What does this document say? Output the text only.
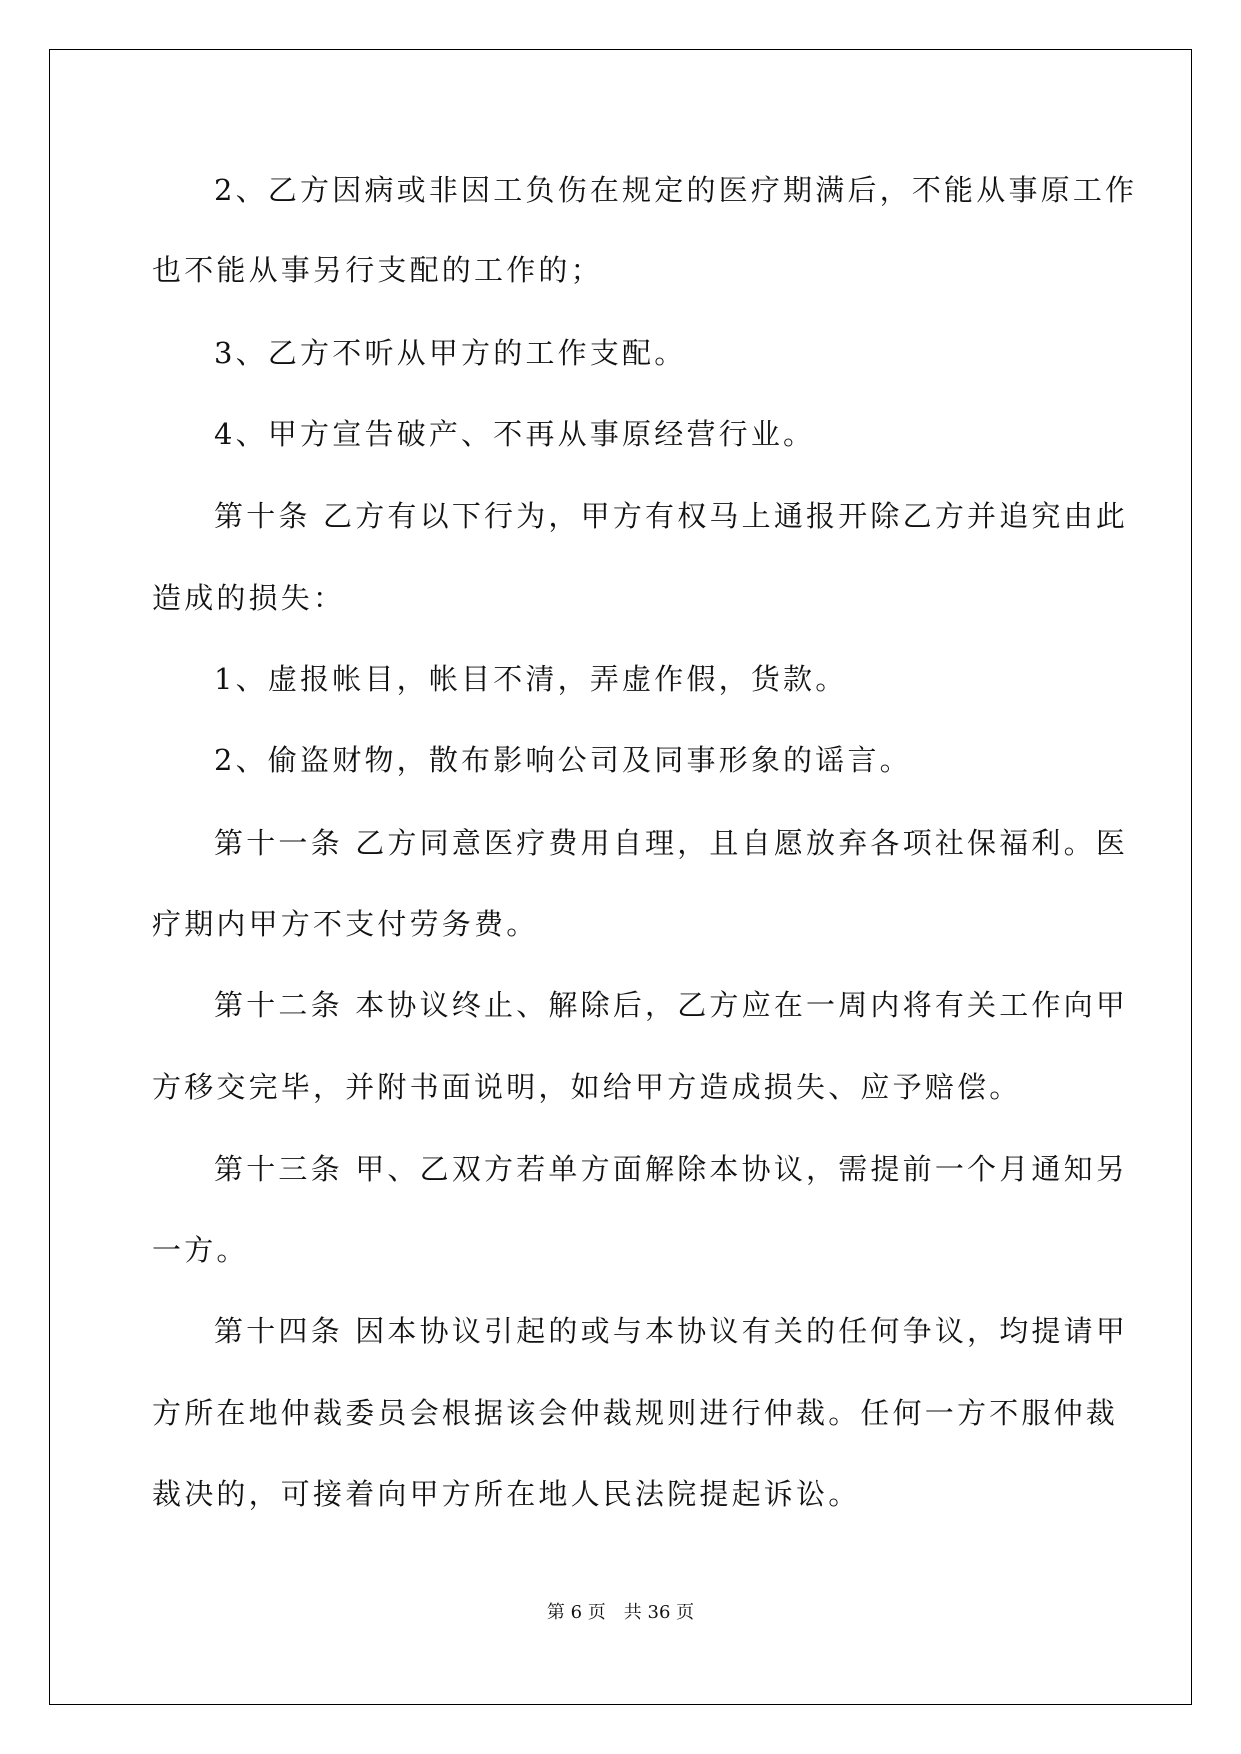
2、乙方因病或非因工负伤在规定的医疗期满后，不能从事原工作

也不能从事另行支配的工作的；

3、乙方不听从甲方的工作支配。

4、甲方宣告破产、不再从事原经营行业。

第十条 乙方有以下行为，甲方有权马上通报开除乙方并追究由此

造成的损失：

1、虚报帐目，帐目不清，弄虚作假，货款。

2、偷盗财物，散布影响公司及同事形象的谣言。

第十一条 乙方同意医疗费用自理，且自愿放弃各项社保福利。医

疗期内甲方不支付劳务费。

第十二条 本协议终止、解除后，乙方应在一周内将有关工作向甲

方移交完毕，并附书面说明，如给甲方造成损失、应予赔偿。

第十三条 甲、乙双方若单方面解除本协议，需提前一个月通知另

一方。

第十四条 因本协议引起的或与本协议有关的任何争议，均提请甲

方所在地仲裁委员会根据该会仲裁规则进行仲裁。任何一方不服仲裁

裁决的，可接着向甲方所在地人民法院提起诉讼。

第 6 页　共 36 页
